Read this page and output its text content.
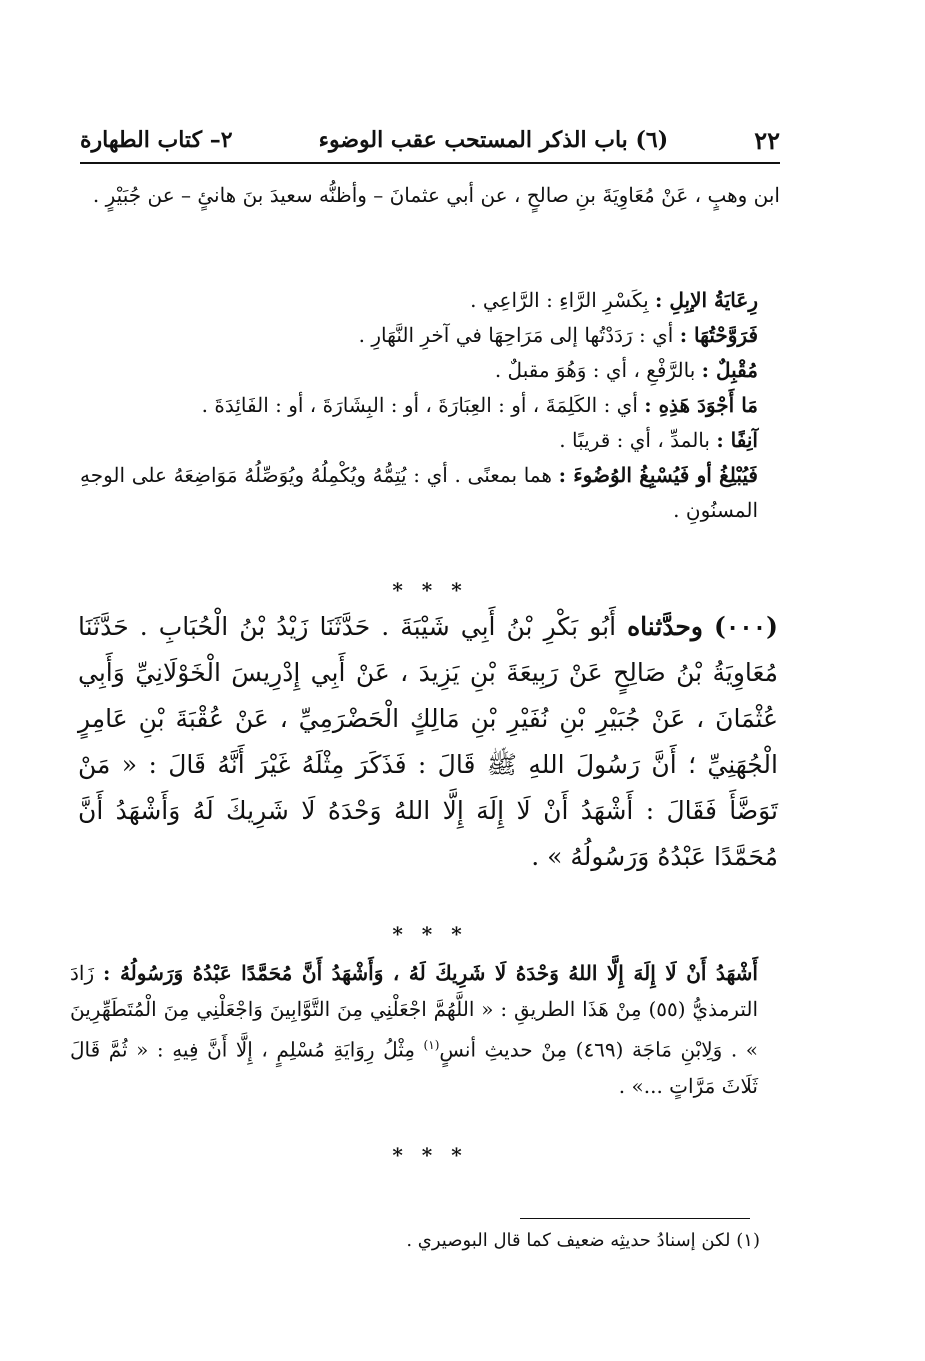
٢٢
(٦) باب الذكر المستحب عقب الوضوء
٢– كتاب الطهارة

ابن وهبٍ ، عَنْ مُعَاوِيَةَ بنِ صالحٍ ، عن أبي عثمانَ – وأظنُّه سعيدَ بنَ هانئٍ – عن جُبَيْرٍ .

رِعَايَةُ الإبِلِ : بِكَسْرِ الرَّاءِ : الرَّاعِي .

فَرَوَّحْتُهَا : أي : رَدَدْتُها إلى مَرَاحِهَا في آخرِ النَّهَارِ .

مُقْبِلٌ : بالرَّفْعِ ، أي : وَهُوَ مقبلٌ .

مَا أَجْوَدَ هَذِهِ : أي : الكَلِمَةَ ، أو : العِبَارَةَ ، أو : البِشَارَةَ ، أو : الفَائِدَةَ .

آنِفًا : بالمدِّ ، أي : قريبًا .

فَيُبْلِغُ أو فَيُسْبِغُ الوُضُوءَ : هما بمعنًى . أي : يُتِمُّهُ ويُكْمِلُهُ ويُوَصِّلُهُ مَوَاضِعَهُ على الوجهِ المسنُونِ .

* * *

(٠٠٠) وحدَّثناه أَبُو بَكْرِ بْنُ أَبِي شَيْبَةَ . حَدَّثَنَا زَيْدُ بْنُ الْحُبَابِ . حَدَّثَنَا مُعَاوِيَةُ بْنُ صَالِحٍ عَنْ رَبِيعَةَ بْنِ يَزِيدَ ، عَنْ أَبِي إِدْرِيسَ الْخَوْلَانِيِّ وَأَبِي عُثْمَانَ ، عَنْ جُبَيْرِ بْنِ نُفَيْرِ بْنِ مَالِكٍ الْحَضْرَمِيِّ ، عَنْ عُقْبَةَ بْنِ عَامِرٍ الْجُهَنِيِّ ؛ أَنَّ رَسُولَ اللهِ ﷺ قَالَ : فَذَكَرَ مِثْلَهُ غَيْرَ أَنَّهُ قَالَ : « مَنْ تَوَضَّأَ فَقَالَ : أَشْهَدُ أَنْ لَا إِلَهَ إِلَّا اللهُ وَحْدَهُ لَا شَرِيكَ لَهُ وَأَشْهَدُ أَنَّ مُحَمَّدًا عَبْدُهُ وَرَسُولُهُ » .

* * *

أَشْهَدُ أَنْ لَا إِلَهَ إِلَّا اللهُ وَحْدَهُ لَا شَرِيكَ لَهُ ، وَأَشْهَدُ أَنَّ مُحَمَّدًا عَبْدُهُ وَرَسُولُهُ : زَادَ الترمذيُّ (٥٥) مِنْ هَذَا الطريقِ : « اللَّهُمَّ اجْعَلْنِي مِنَ التَّوَّابِينَ وَاجْعَلْنِي مِنَ الْمُتَطَهِّرِينَ » . وَلِابْنِ مَاجَة (٤٦٩) مِنْ حديثِ أنسٍ$^{(١)}$ مِثْلُ رِوَايَةِ مُسْلِمٍ ، إِلَّا أَنَّ فِيهِ : « ثُمَّ قَالَ ثَلَاثَ مَرَّاتٍ ...» .

* * *
(١) لكن إسنادُ حديثِه ضعيف كما قال البوصيري .
